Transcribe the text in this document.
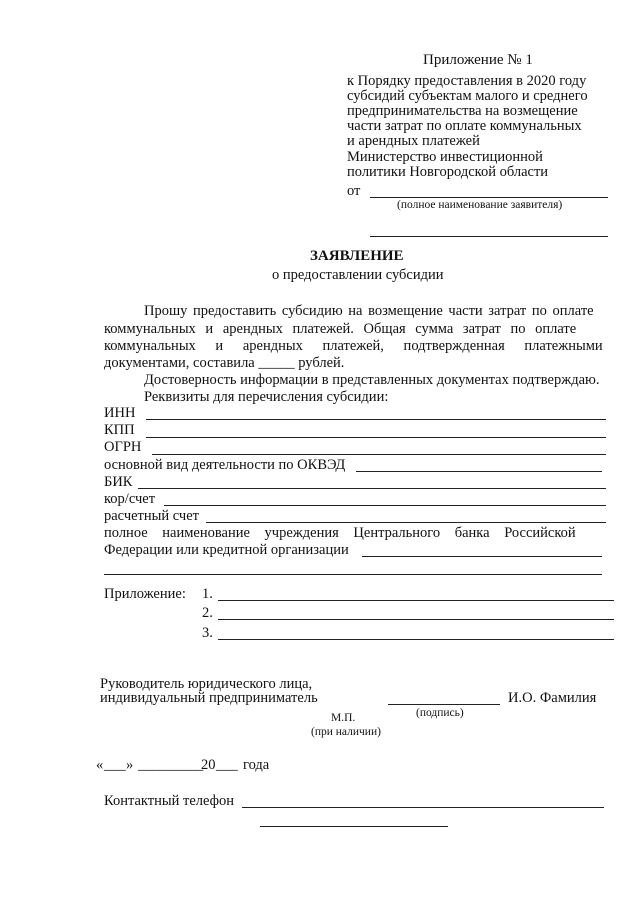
Приложение № 1
к Порядку предоставления в 2020 году
субсидий субъектам малого и среднего
предпринимательства на возмещение
части затрат по оплате коммунальных
и арендных платежей
Министерство инвестиционной
политики Новгородской области
от
(полное наименование заявителя)
ЗАЯВЛЕНИЕ
о предоставлении субсидии
Прошу предоставить субсидию на возмещение части затрат по оплате
коммунальных и арендных платежей. Общая сумма затрат по оплате
коммунальных и арендных платежей, подтвержденная платежными
документами, составила _____ рублей.
Достоверность информации в представленных документах подтверждаю.
Реквизиты для перечисления субсидии:
ИНН
КПП
ОГРН
основной вид деятельности по ОКВЭД
БИК
кор/счет
расчетный счет
полное наименование учреждения Центрального банка Российской
Федерации или кредитной организации
Приложение: 1.
2.
3.
Руководитель юридического лица,
индивидуальный предприниматель	И.О. Фамилия
(подпись)
М.П.
(при наличии)
« ___ » _________
20 ___ года
Контактный телефон
